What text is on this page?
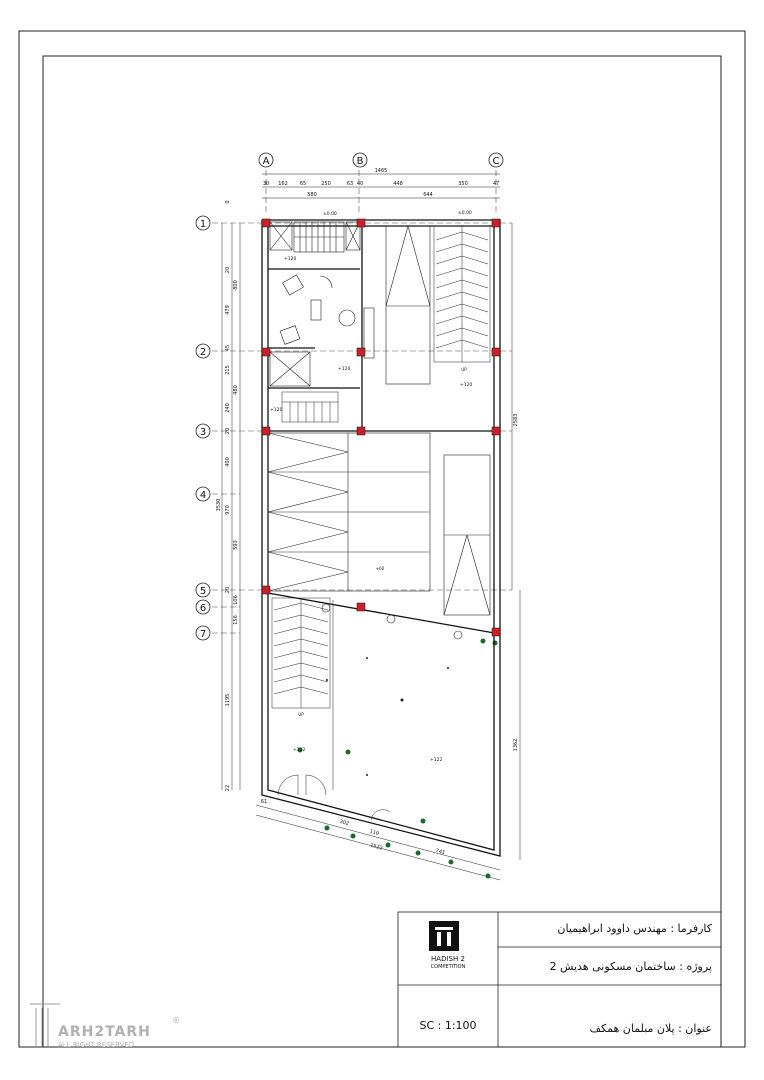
A	B	C
1
2
3
4
5
6
7
1465
30 162 65	250	63 40	448	350	47
580	644
0
20
479
800
45
215
480
240
20
400
970
3530
593
20
106
156
1195
22
2583
1362
61
302
110
1522
741
UP
+60
UP
±0.00	±0.00
+120
+120
+120
+120
+122
+122
کارفرما : مهندس داوود ابراهیمیان
پروژه : ساختمان مسکونی هدیش 2
عنوان : پلان مبلمان همکف
SC : 1:100
HADISH 2
COMPETITION
ARH2TARH
ALL RIGHT RESERVED
®
